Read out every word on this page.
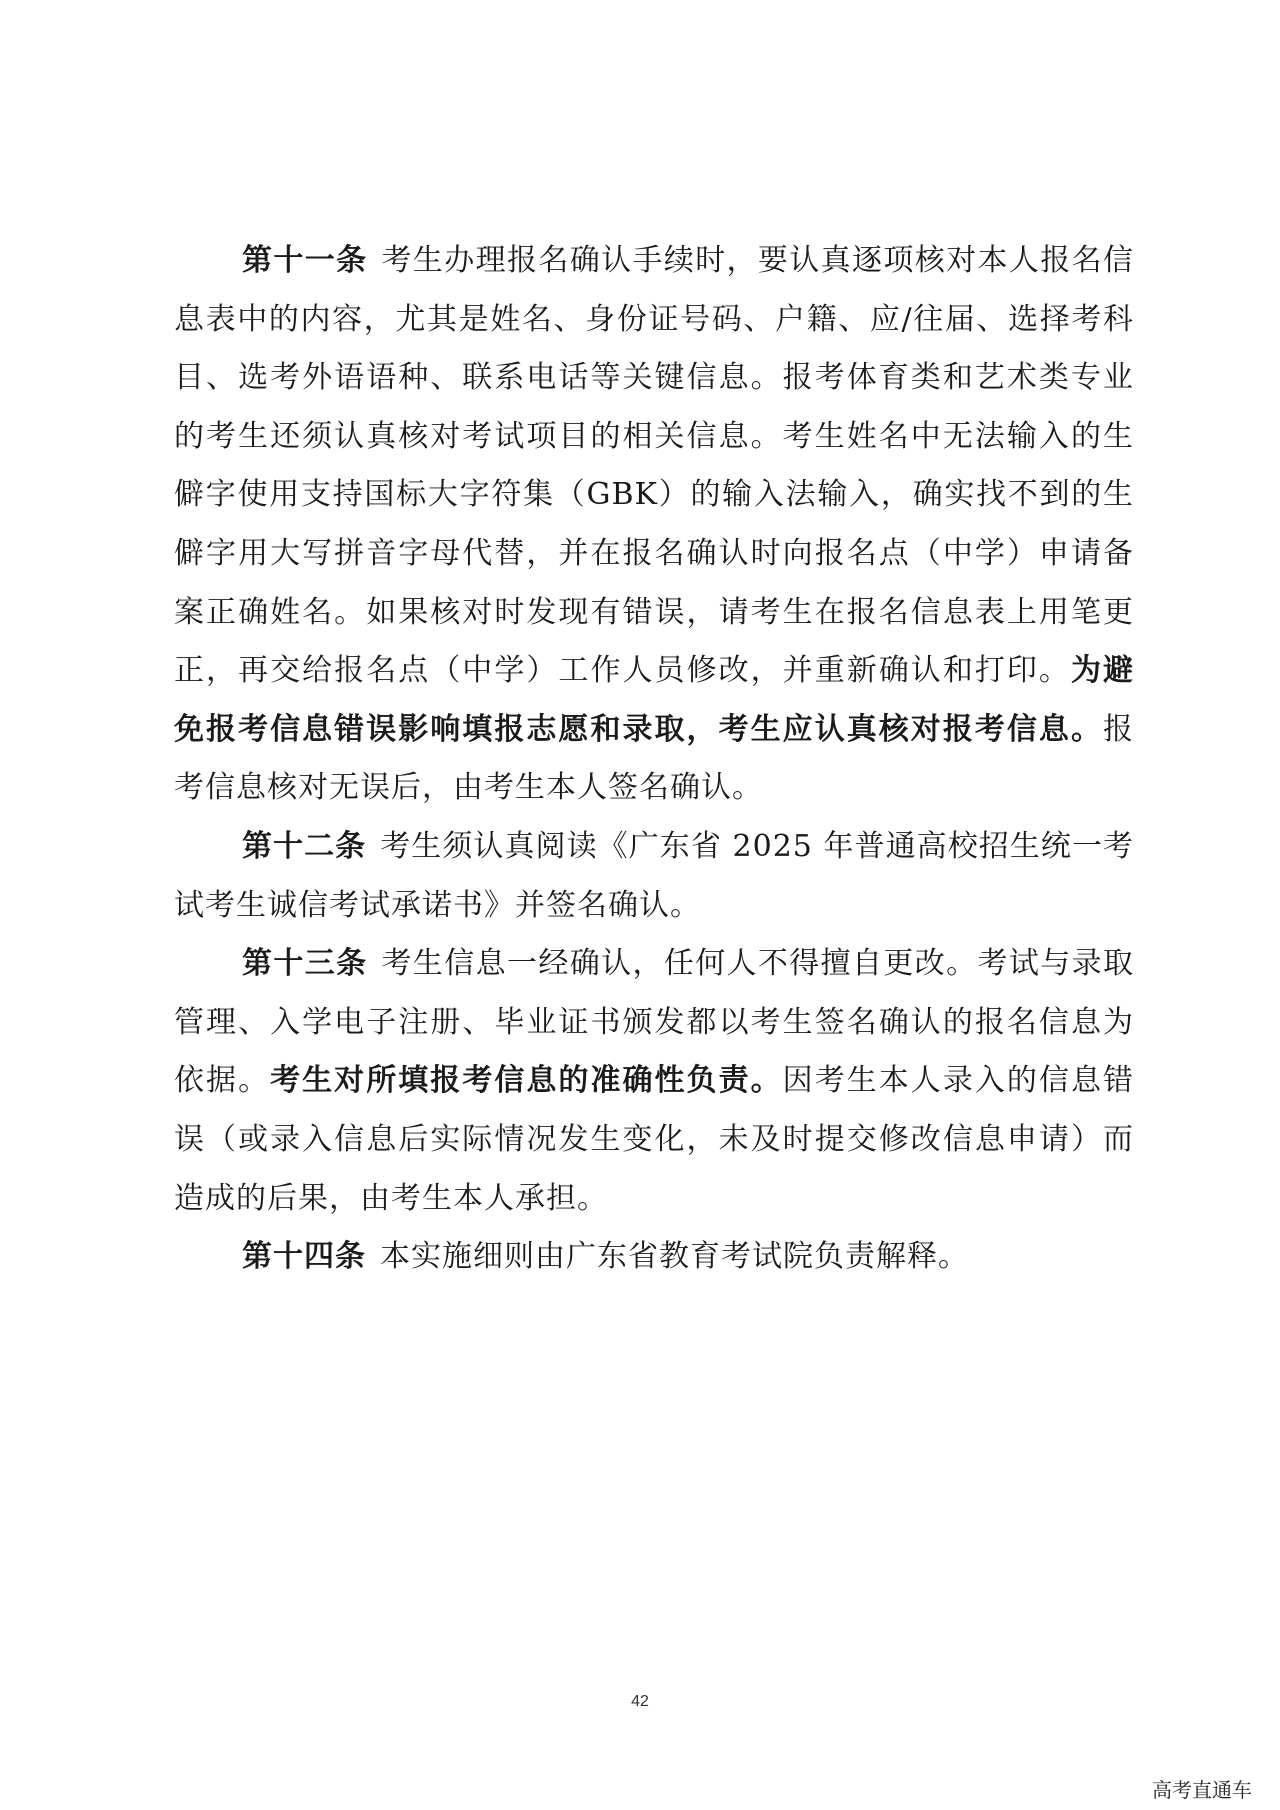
第十一条 考生办理报名确认手续时，要认真逐项核对本人报名信息表中的内容，尤其是姓名、身份证号码、户籍、应/往届、选择考科目、选考外语语种、联系电话等关键信息。报考体育类和艺术类专业的考生还须认真核对考试项目的相关信息。考生姓名中无法输入的生僻字使用支持国标大字符集（GBK）的输入法输入，确实找不到的生僻字用大写拼音字母代替，并在报名确认时向报名点（中学）申请备案正确姓名。如果核对时发现有错误，请考生在报名信息表上用笔更正，再交给报名点（中学）工作人员修改，并重新确认和打印。为避免报考信息错误影响填报志愿和录取，考生应认真核对报考信息。报考信息核对无误后，由考生本人签名确认。

第十二条 考生须认真阅读《广东省 2025 年普通高校招生统一考试考生诚信考试承诺书》并签名确认。

第十三条 考生信息一经确认，任何人不得擅自更改。考试与录取管理、入学电子注册、毕业证书颁发都以考生签名确认的报名信息为依据。考生对所填报考信息的准确性负责。因考生本人录入的信息错误（或录入信息后实际情况发生变化，未及时提交修改信息申请）而造成的后果，由考生本人承担。

第十四条 本实施细则由广东省教育考试院负责解释。

42
高考直通车
